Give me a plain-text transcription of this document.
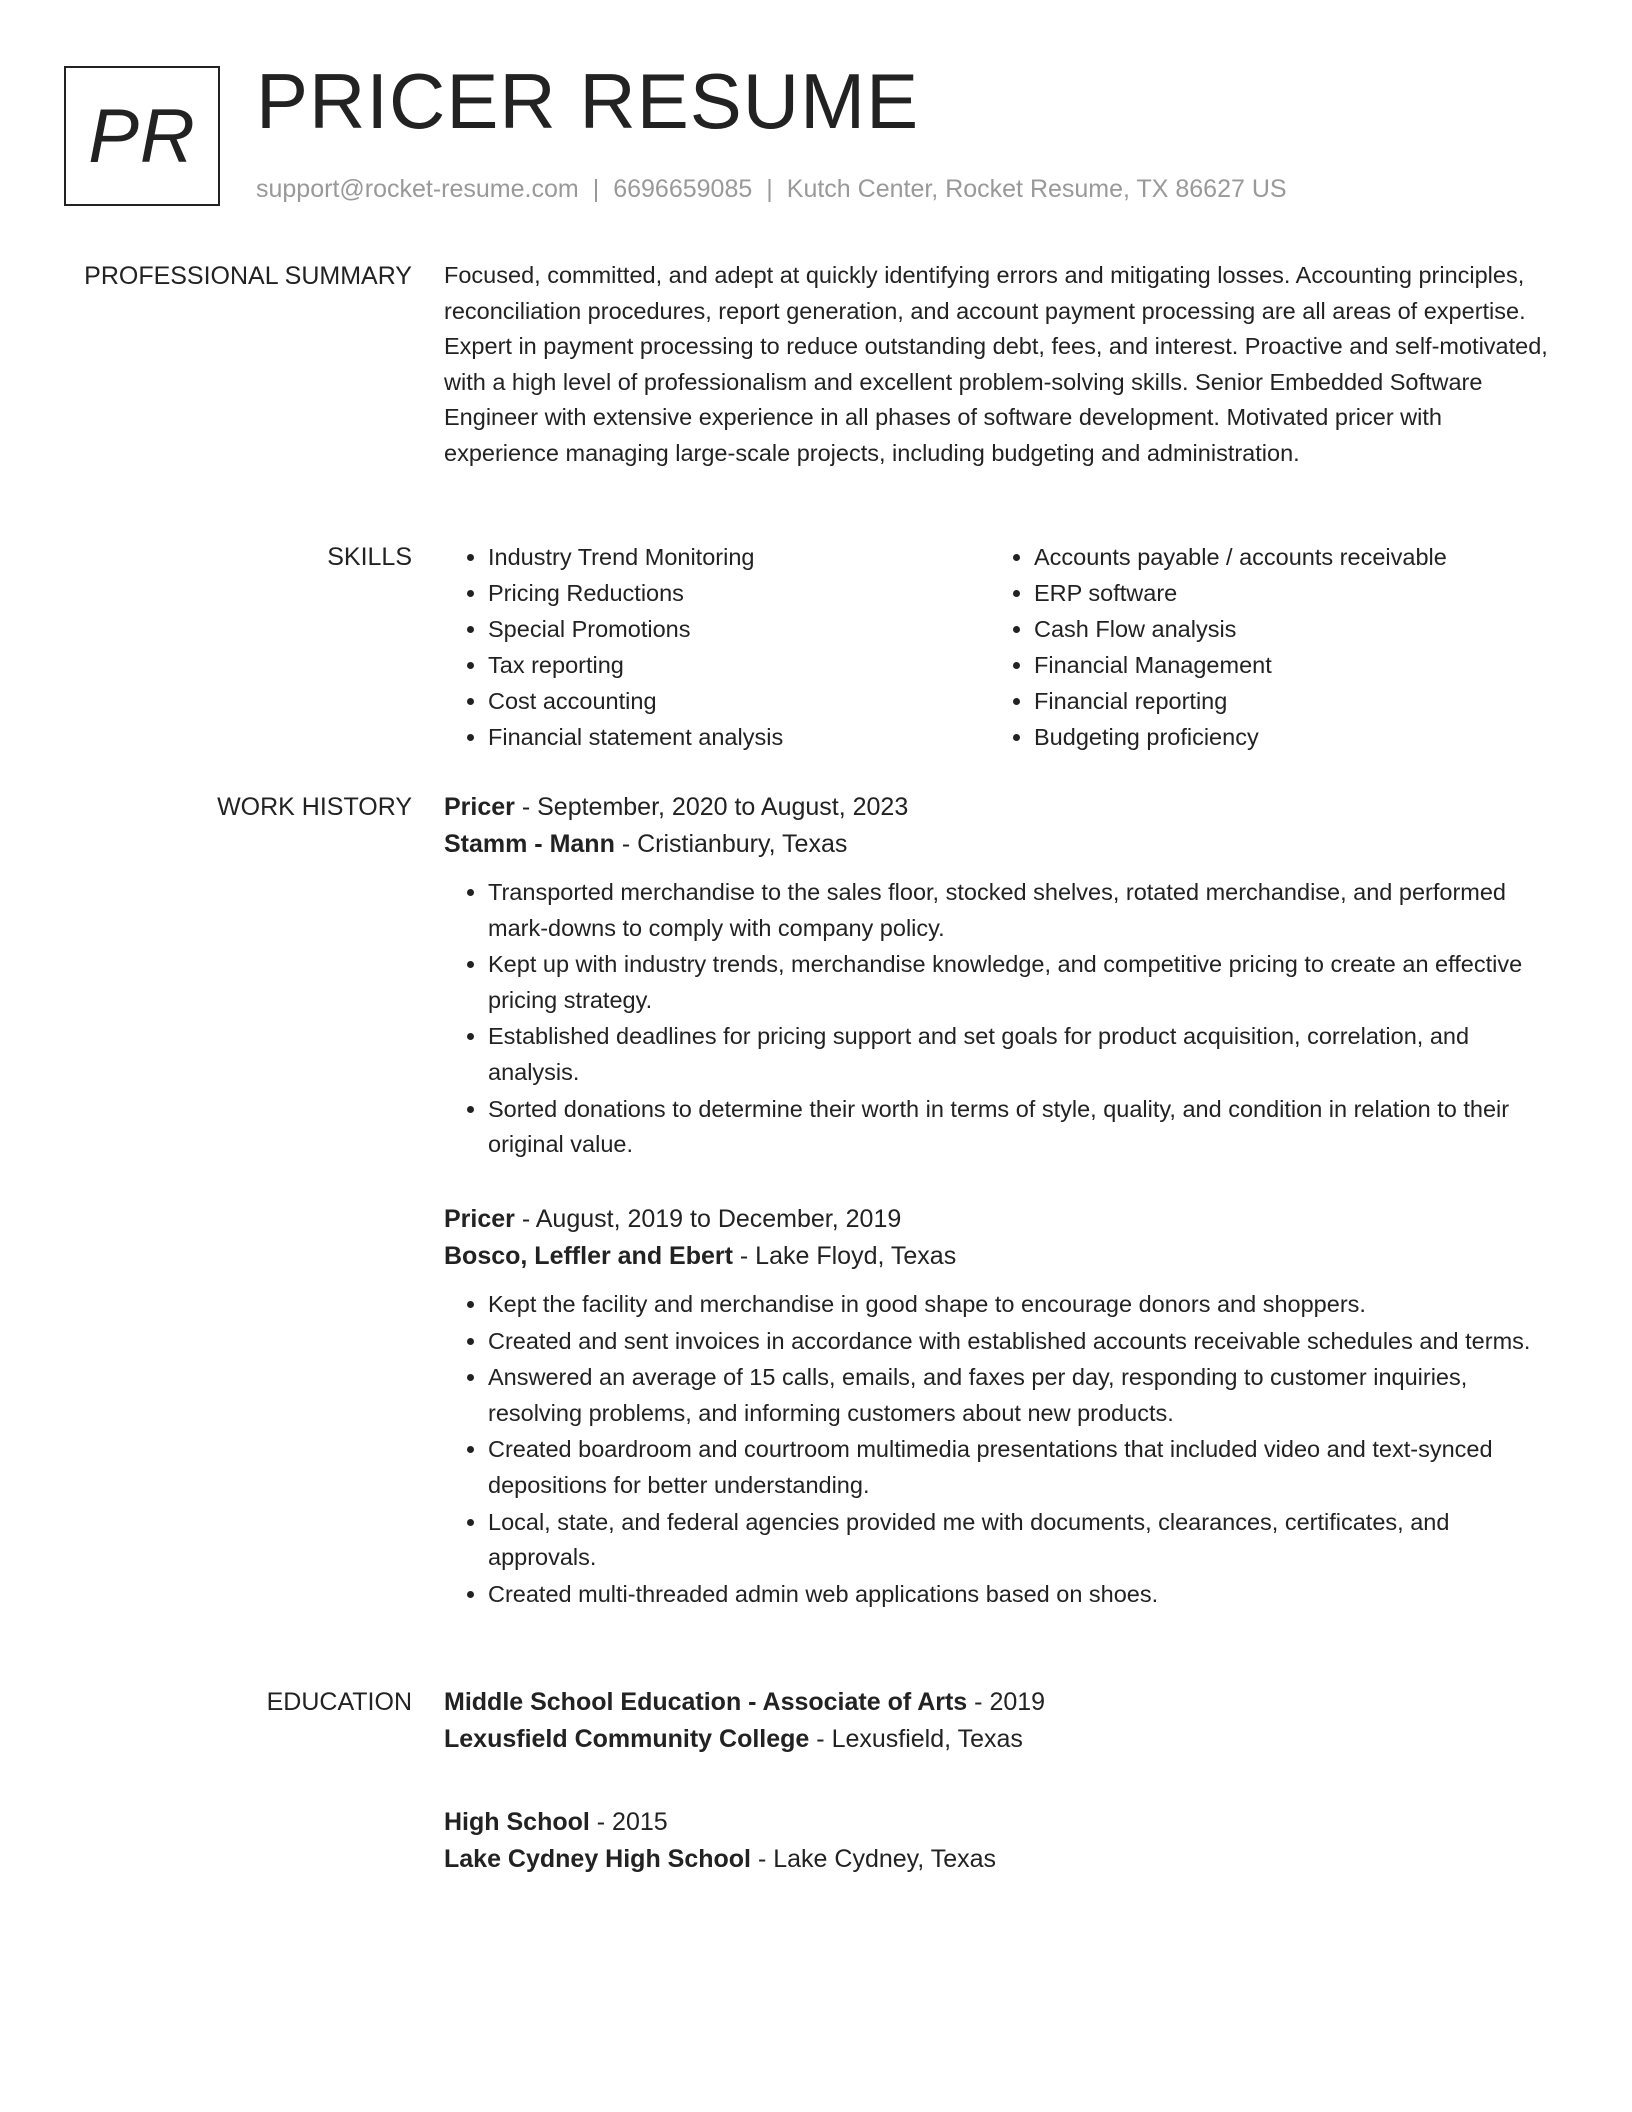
PR PRICER RESUME
support@rocket-resume.com | 6696659085 | Kutch Center, Rocket Resume, TX 86627 US
PROFESSIONAL SUMMARY Focused, committed, and adept at quickly identifying errors and mitigating losses. Accounting principles, reconciliation procedures, report generation, and account payment processing are all areas of expertise. Expert in payment processing to reduce outstanding debt, fees, and interest. Proactive and self-motivated, with a high level of professionalism and excellent problem-solving skills. Senior Embedded Software Engineer with extensive experience in all phases of software development. Motivated pricer with experience managing large-scale projects, including budgeting and administration.

SKILLS
•	Industry Trend Monitoring
• Pricing Reductions
• Special Promotions
• Tax reporting
• Cost accounting
• Financial statement analysis
• Accounts payable / accounts receivable
• ERP software
• Cash Flow analysis
• Financial Management
• Financial reporting
• Budgeting proficiency
WORK HISTORY Pricer - September, 2020 to August, 2023

Stamm - Mann - Cristianbury, Texas

• Transported merchandise to the sales floor, stocked shelves, rotated merchandise, and performed mark-downs to comply with company policy.
• Kept up with industry trends, merchandise knowledge, and competitive pricing to create an effective pricing strategy.
• Established deadlines for pricing support and set goals for product acquisition, correlation, and analysis.
• Sorted donations to determine their worth in terms of style, quality, and condition in relation to their original value.

Pricer - August, 2019 to December, 2019

Bosco, Leffler and Ebert - Lake Floyd, Texas

• Kept the facility and merchandise in good shape to encourage donors and shoppers.
• Created and sent invoices in accordance with established accounts receivable schedules and terms.
• Answered an average of 15 calls, emails, and faxes per day, responding to customer inquiries, resolving problems, and informing customers about new products.
• Created boardroom and courtroom multimedia presentations that included video and text-synced depositions for better understanding.
• Local, state, and federal agencies provided me with documents, clearances, certificates, and approvals.
• Created multi-threaded admin web applications based on shoes.
EDUCATION Middle School Education - Associate of Arts - 2019

Lexusfield Community College - Lexusfield, Texas

High School - 2015

Lake Cydney High School - Lake Cydney, Texas
